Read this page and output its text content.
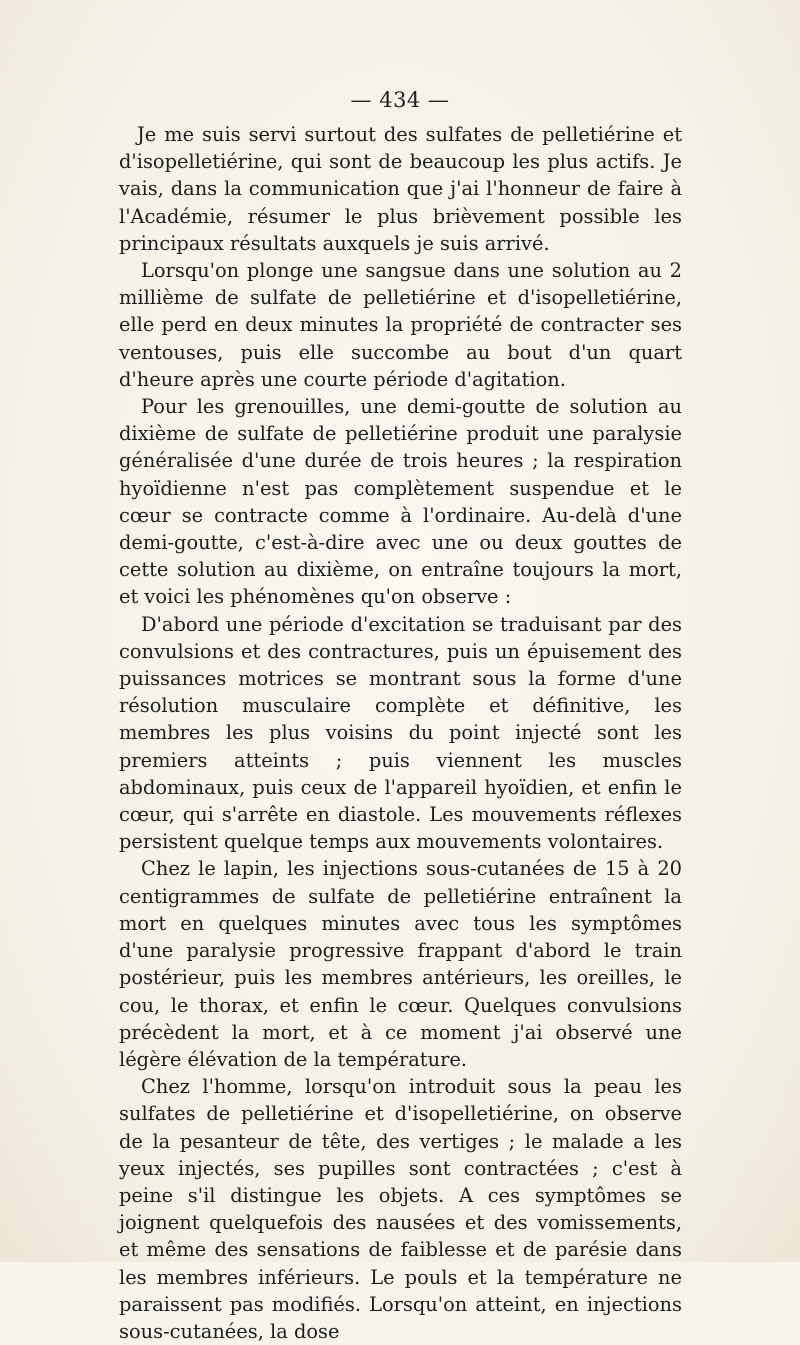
— 434 —

Je me suis servi surtout des sulfates de pelletiérine et d'isopelletiérine, qui sont de beaucoup les plus actifs. Je vais, dans la communication que j'ai l'honneur de faire à l'Académie, résumer le plus brièvement possible les principaux résultats auxquels je suis arrivé.

Lorsqu'on plonge une sangsue dans une solution au 2 millième de sulfate de pelletiérine et d'isopelletiérine, elle perd en deux minutes la propriété de contracter ses ventouses, puis elle succombe au bout d'un quart d'heure après une courte période d'agitation.

Pour les grenouilles, une demi-goutte de solution au dixième de sulfate de pelletiérine produit une paralysie généralisée d'une durée de trois heures ; la respiration hyoïdienne n'est pas complètement suspendue et le cœur se contracte comme à l'ordinaire. Au-delà d'une demi-goutte, c'est-à-dire avec une ou deux gouttes de cette solution au dixième, on entraîne toujours la mort, et voici les phénomènes qu'on observe :

D'abord une période d'excitation se traduisant par des convulsions et des contractures, puis un épuisement des puissances motrices se montrant sous la forme d'une résolution musculaire complète et définitive, les membres les plus voisins du point injecté sont les premiers atteints ; puis viennent les muscles abdominaux, puis ceux de l'appareil hyoïdien, et enfin le cœur, qui s'arrête en diastole. Les mouvements réflexes persistent quelque temps aux mouvements volontaires.

Chez le lapin, les injections sous-cutanées de 15 à 20 centigrammes de sulfate de pelletiérine entraînent la mort en quelques minutes avec tous les symptômes d'une paralysie progressive frappant d'abord le train postérieur, puis les membres antérieurs, les oreilles, le cou, le thorax, et enfin le cœur. Quelques convulsions précèdent la mort, et à ce moment j'ai observé une légère élévation de la température.

Chez l'homme, lorsqu'on introduit sous la peau les sulfates de pelletiérine et d'isopelletiérine, on observe de la pesanteur de tête, des vertiges ; le malade a les yeux injectés, ses pupilles sont contractées ; c'est à peine s'il distingue les objets. A ces symptômes se joignent quelquefois des nausées et des vomissements, et même des sensations de faiblesse et de parésie dans les membres inférieurs. Le pouls et la température ne paraissent pas modifiés. Lorsqu'on atteint, en injections sous-cutanées, la dose
